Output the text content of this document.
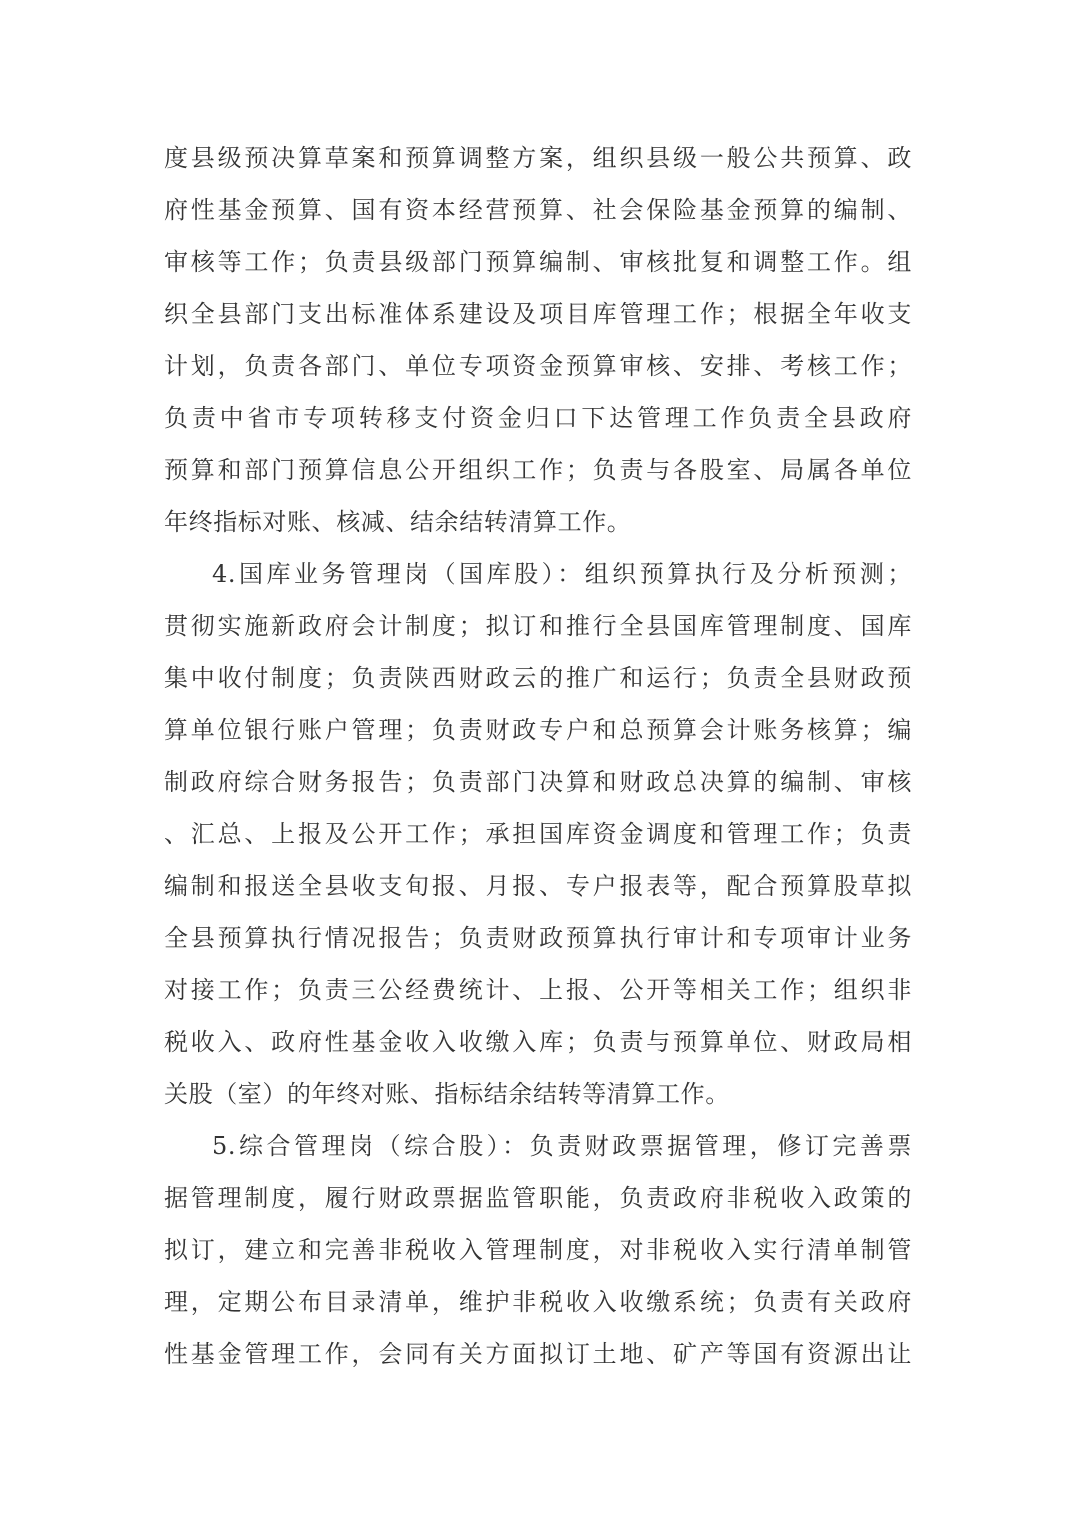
度县级预决算草案和预算调整方案，组织县级一般公共预算、政
府性基金预算、国有资本经营预算、社会保险基金预算的编制、
审核等工作；负责县级部门预算编制、审核批复和调整工作。组
织全县部门支出标准体系建设及项目库管理工作；根据全年收支
计划，负责各部门、单位专项资金预算审核、安排、考核工作；
负责中省市专项转移支付资金归口下达管理工作负责全县政府
预算和部门预算信息公开组织工作；负责与各股室、局属各单位
年终指标对账、核减、结余结转清算工作。
4.国库业务管理岗（国库股）：组织预算执行及分析预测；
贯彻实施新政府会计制度；拟订和推行全县国库管理制度、国库
集中收付制度；负责陕西财政云的推广和运行；负责全县财政预
算单位银行账户管理；负责财政专户和总预算会计账务核算；编
制政府综合财务报告；负责部门决算和财政总决算的编制、审核
、汇总、上报及公开工作；承担国库资金调度和管理工作；负责
编制和报送全县收支旬报、月报、专户报表等，配合预算股草拟
全县预算执行情况报告；负责财政预算执行审计和专项审计业务
对接工作；负责三公经费统计、上报、公开等相关工作；组织非
税收入、政府性基金收入收缴入库；负责与预算单位、财政局相
关股（室）的年终对账、指标结余结转等清算工作。
5.综合管理岗（综合股）：负责财政票据管理，修订完善票
据管理制度，履行财政票据监管职能，负责政府非税收入政策的
拟订，建立和完善非税收入管理制度，对非税收入实行清单制管
理，定期公布目录清单，维护非税收入收缴系统；负责有关政府
性基金管理工作，会同有关方面拟订土地、矿产等国有资源出让
